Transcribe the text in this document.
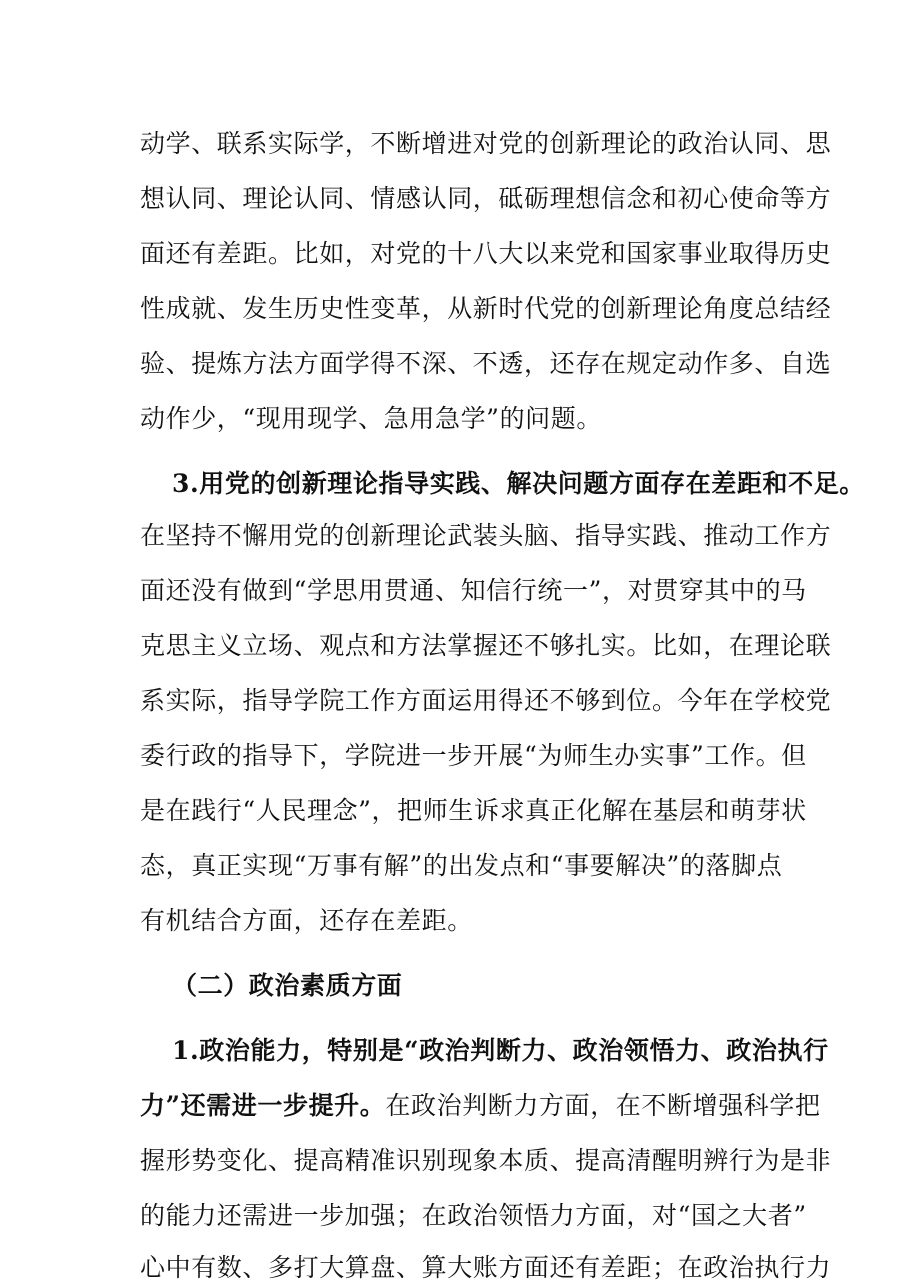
动学、联系实际学，不断增进对党的创新理论的政治认同、思
想认同、理论认同、情感认同，砥砺理想信念和初心使命等方
面还有差距。比如，对党的十八大以来党和国家事业取得历史
性成就、发生历史性变革，从新时代党的创新理论角度总结经
验、提炼方法方面学得不深、不透，还存在规定动作多、自选
动作少，“现用现学、急用急学”的问题。
3.用党的创新理论指导实践、解决问题方面存在差距和不足。
在坚持不懈用党的创新理论武装头脑、指导实践、推动工作方
面还没有做到“学思用贯通、知信行统一”，对贯穿其中的马
克思主义立场、观点和方法掌握还不够扎实。比如，在理论联
系实际，指导学院工作方面运用得还不够到位。今年在学校党
委行政的指导下，学院进一步开展“为师生办实事”工作。但
是在践行“人民理念”，把师生诉求真正化解在基层和萌芽状
态，真正实现“万事有解”的出发点和“事要解决”的落脚点
有机结合方面，还存在差距。
（二）政治素质方面
1.政治能力，特别是“政治判断力、政治领悟力、政治执行
力”还需进一步提升。在政治判断力方面，在不断增强科学把
握形势变化、提高精准识别现象本质、提高清醒明辨行为是非
的能力还需进一步加强；在政治领悟力方面，对“国之大者”
心中有数、多打大算盘、算大账方面还有差距；在政治执行力
